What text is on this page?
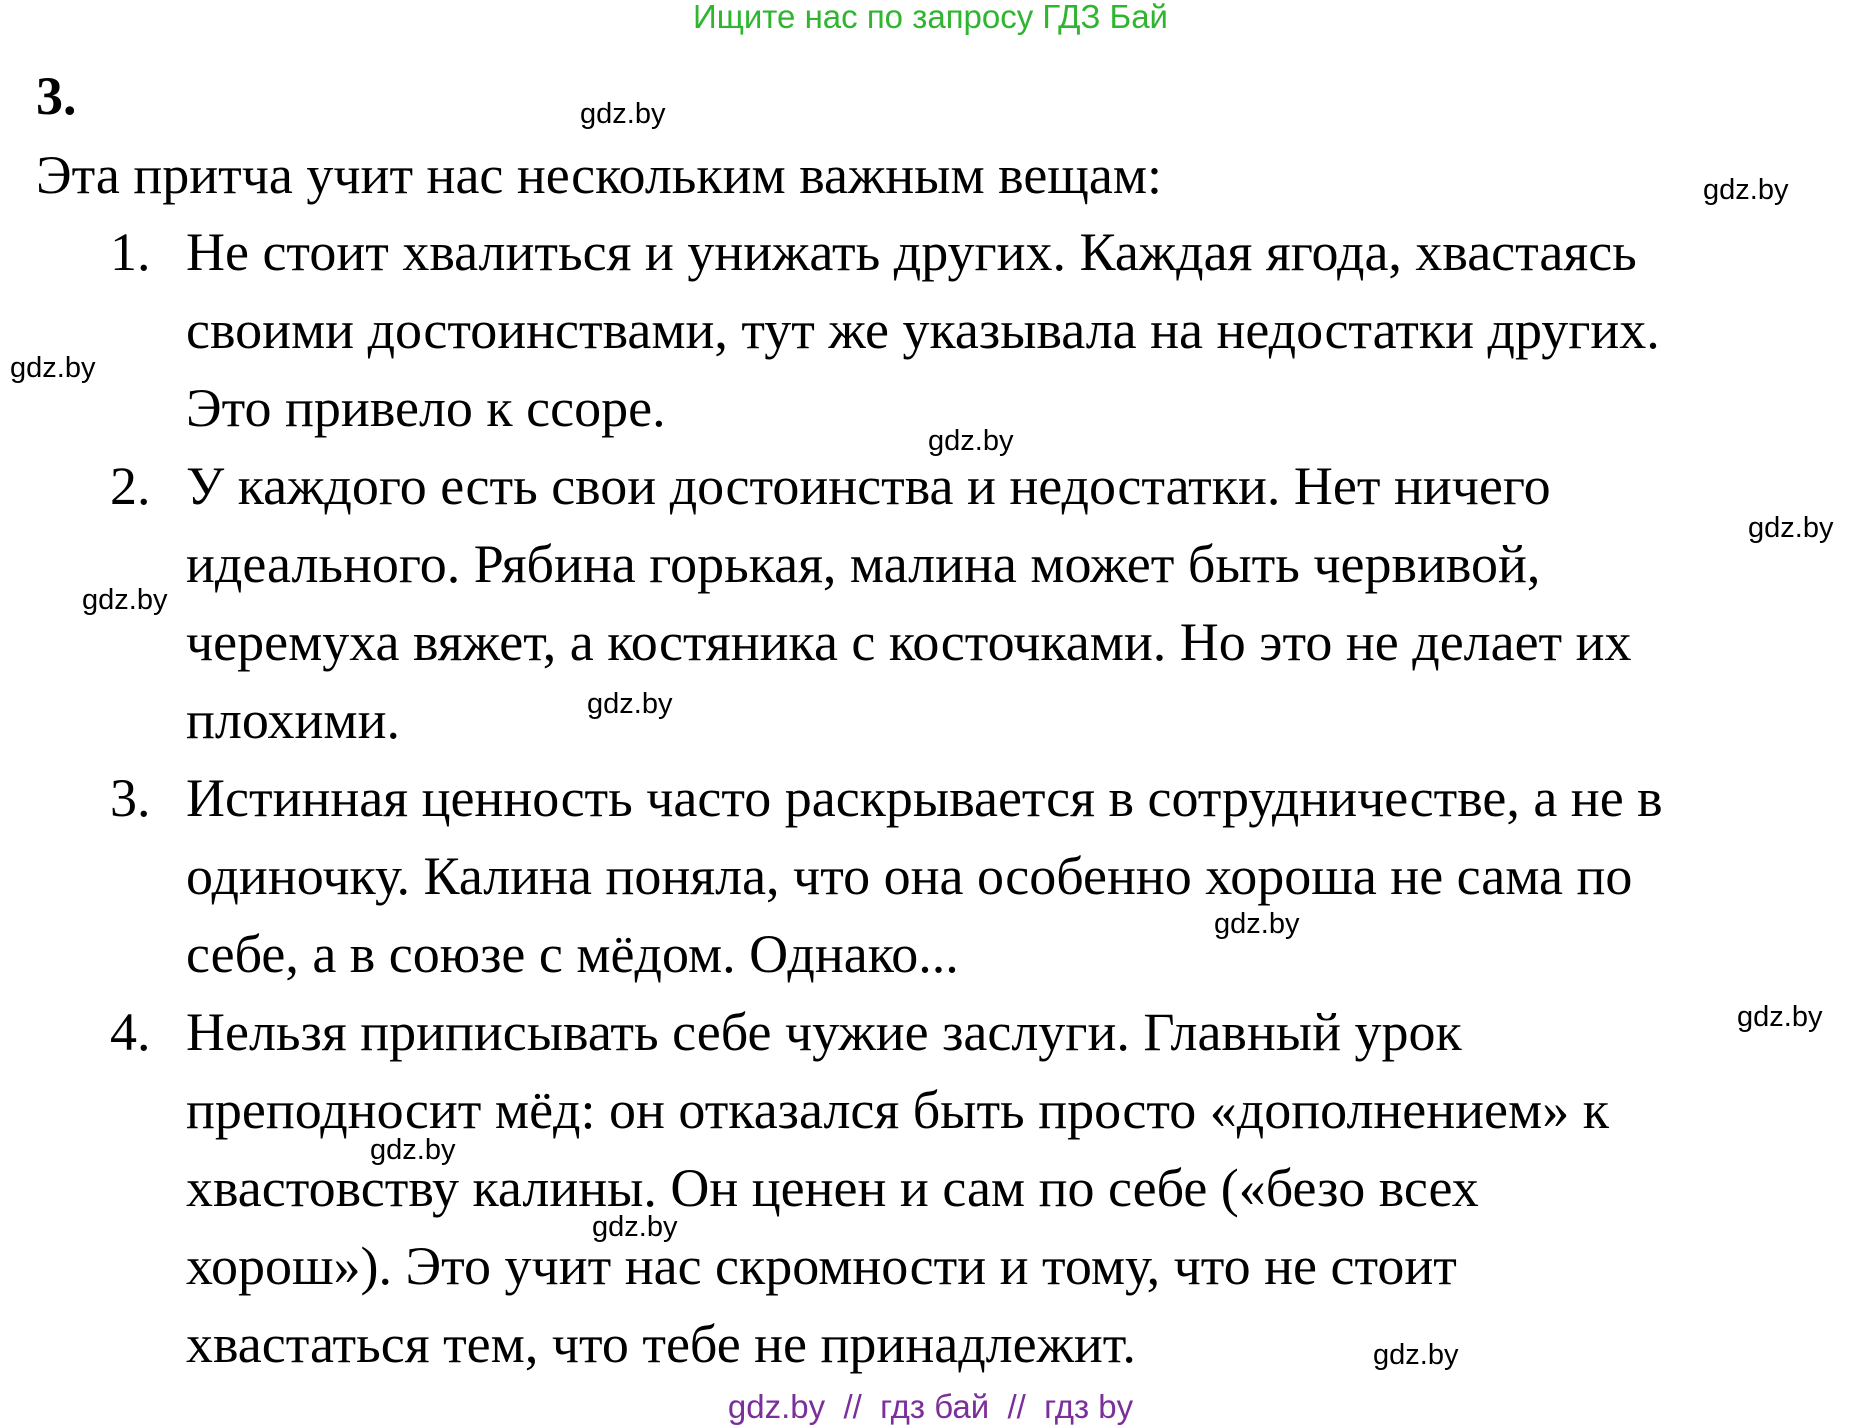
Ищите нас по запросу ГДЗ Бай
3.
Эта притча учит нас нескольким важным вещам:
1. Не стоит хвалиться и унижать других. Каждая ягода, хвастаясь
своими достоинствами, тут же указывала на недостатки других.
Это привело к ссоре.
2. У каждого есть свои достоинства и недостатки. Нет ничего
идеального. Рябина горькая, малина может быть червивой,
черемуха вяжет, а костяника с косточками. Но это не делает их
плохими.
3. Истинная ценность часто раскрывается в сотрудничестве, а не в
одиночку. Калина поняла, что она особенно хороша не сама по
себе, а в союзе с мёдом. Однако...
4. Нельзя приписывать себе чужие заслуги. Главный урок
преподносит мёд: он отказался быть просто «дополнением» к
хвастовству калины. Он ценен и сам по себе («безо всех
хорош»). Это учит нас скромности и тому, что не стоит
хвастаться тем, что тебе не принадлежит.
gdz.by
gdz.by
gdz.by
gdz.by
gdz.by
gdz.by
gdz.by
gdz.by
gdz.by
gdz.by
gdz.by
gdz.by
gdz.by  //  гдз бай  //  гдз by
